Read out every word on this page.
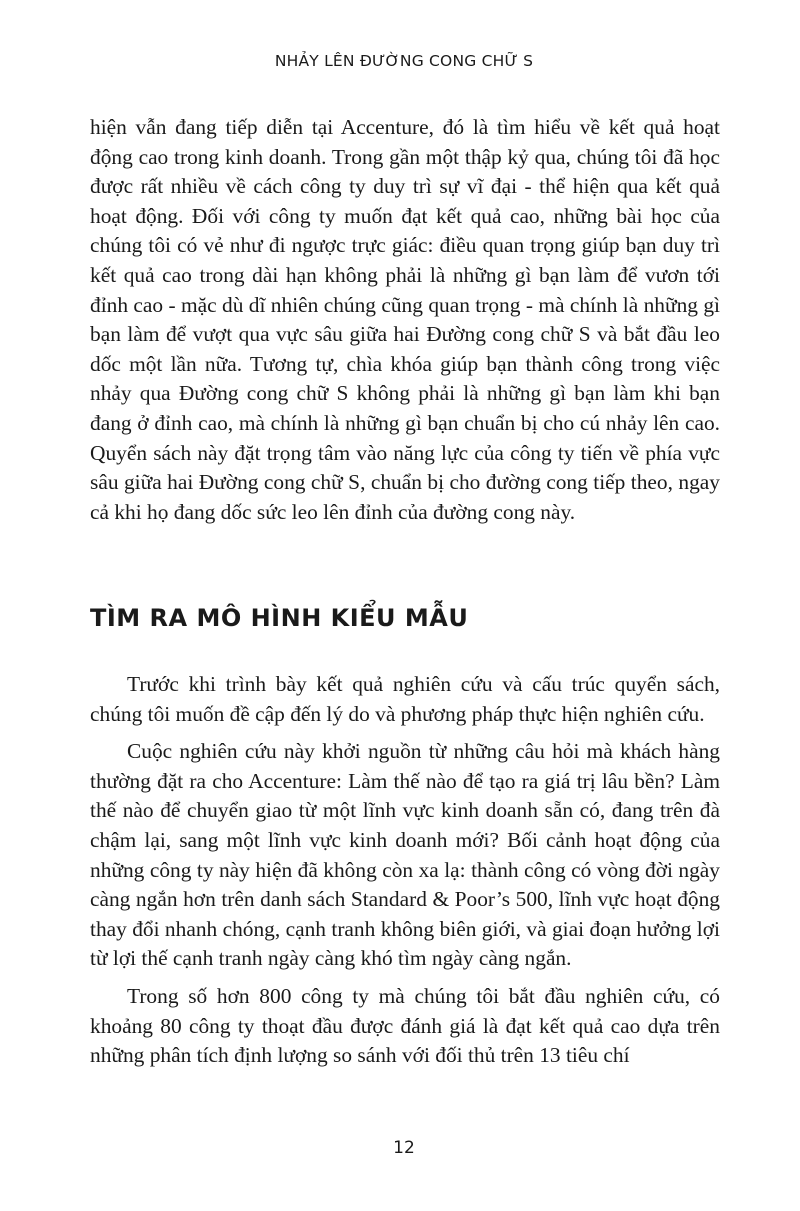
NHẢY LÊN ĐƯỜNG CONG CHỮ S

hiện vẫn đang tiếp diễn tại Accenture, đó là tìm hiểu về kết quả hoạt động cao trong kinh doanh. Trong gần một thập kỷ qua, chúng tôi đã học được rất nhiều về cách công ty duy trì sự vĩ đại - thể hiện qua kết quả hoạt động. Đối với công ty muốn đạt kết quả cao, những bài học của chúng tôi có vẻ như đi ngược trực giác: điều quan trọng giúp bạn duy trì kết quả cao trong dài hạn không phải là những gì bạn làm để vươn tới đỉnh cao - mặc dù dĩ nhiên chúng cũng quan trọng - mà chính là những gì bạn làm để vượt qua vực sâu giữa hai Đường cong chữ S và bắt đầu leo dốc một lần nữa. Tương tự, chìa khóa giúp bạn thành công trong việc nhảy qua Đường cong chữ S không phải là những gì bạn làm khi bạn đang ở đỉnh cao, mà chính là những gì bạn chuẩn bị cho cú nhảy lên cao. Quyển sách này đặt trọng tâm vào năng lực của công ty tiến về phía vực sâu giữa hai Đường cong chữ S, chuẩn bị cho đường cong tiếp theo, ngay cả khi họ đang dốc sức leo lên đỉnh của đường cong này.

TÌM RA MÔ HÌNH KIỂU MẪU

Trước khi trình bày kết quả nghiên cứu và cấu trúc quyển sách, chúng tôi muốn đề cập đến lý do và phương pháp thực hiện nghiên cứu.

Cuộc nghiên cứu này khởi nguồn từ những câu hỏi mà khách hàng thường đặt ra cho Accenture: Làm thế nào để tạo ra giá trị lâu bền? Làm thế nào để chuyển giao từ một lĩnh vực kinh doanh sẵn có, đang trên đà chậm lại, sang một lĩnh vực kinh doanh mới? Bối cảnh hoạt động của những công ty này hiện đã không còn xa lạ: thành công có vòng đời ngày càng ngắn hơn trên danh sách Standard & Poor’s 500, lĩnh vực hoạt động thay đổi nhanh chóng, cạnh tranh không biên giới, và giai đoạn hưởng lợi từ lợi thế cạnh tranh ngày càng khó tìm ngày càng ngắn.

Trong số hơn 800 công ty mà chúng tôi bắt đầu nghiên cứu, có khoảng 80 công ty thoạt đầu được đánh giá là đạt kết quả cao dựa trên những phân tích định lượng so sánh với đối thủ trên 13 tiêu chí

12
